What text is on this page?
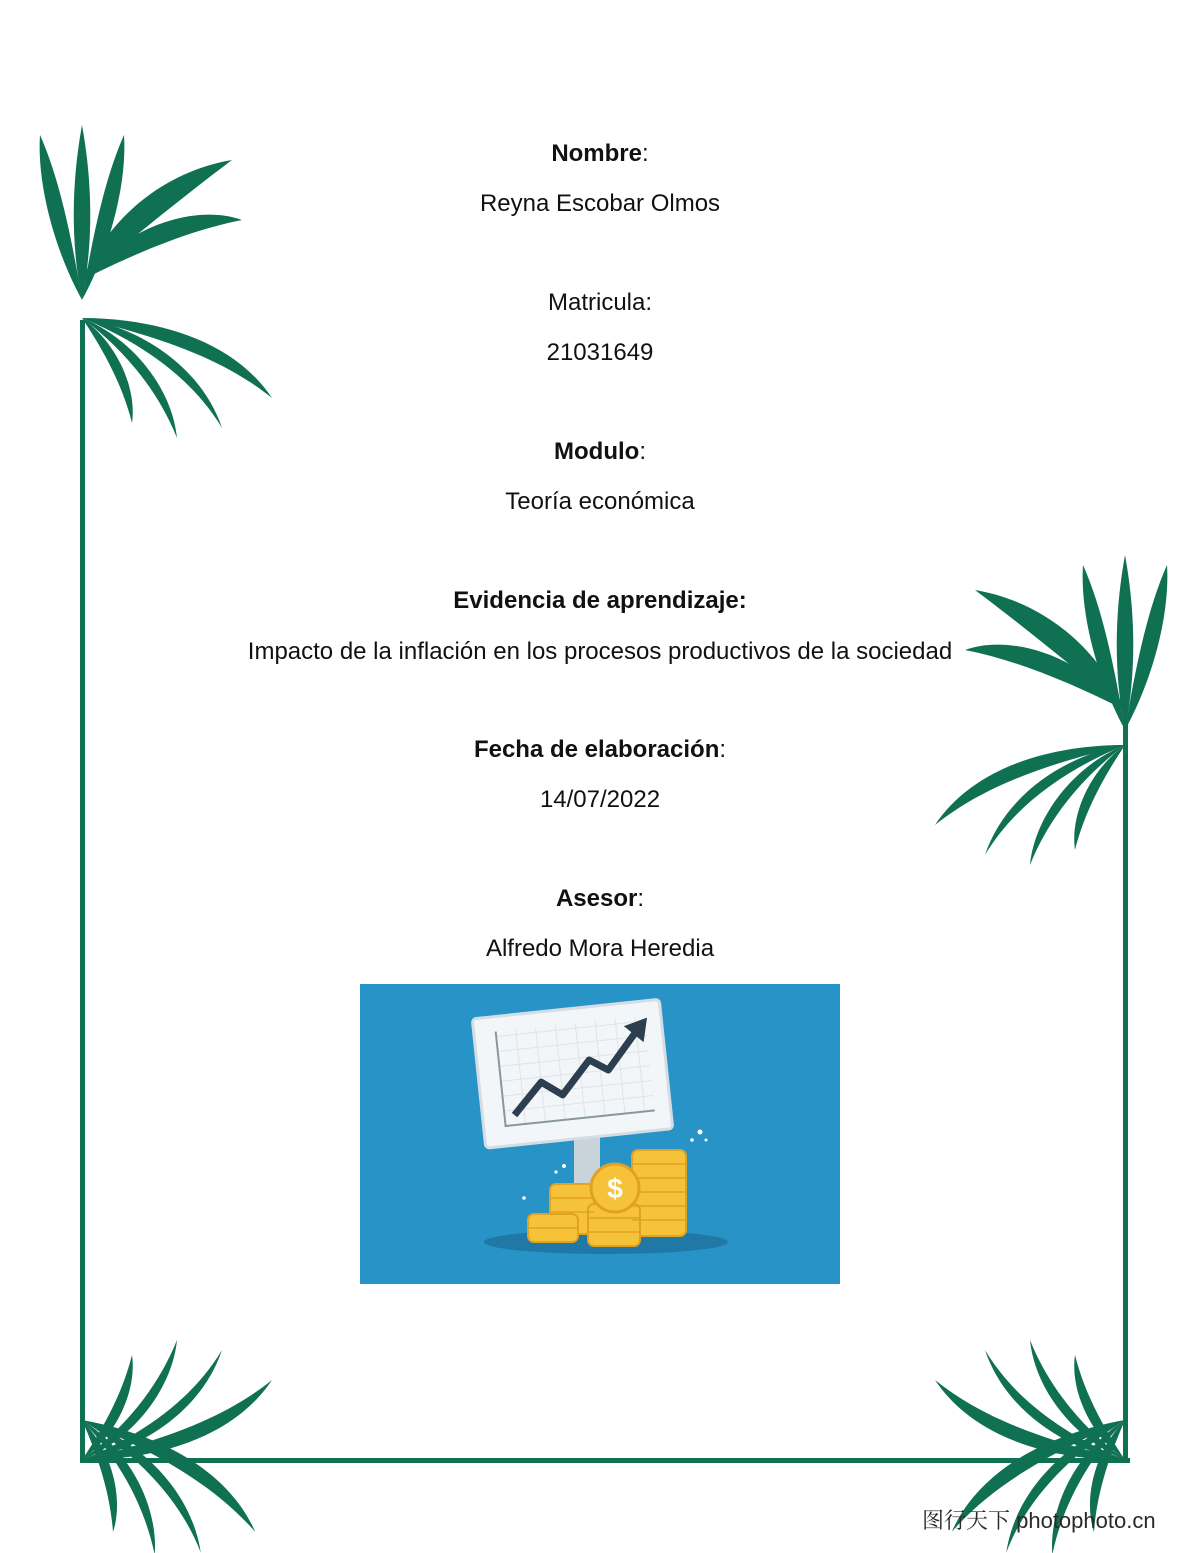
Nombre:
Reyna Escobar Olmos
Matricula:
21031649
Modulo:
Teoría económica
Evidencia de aprendizaje:
Impacto de la inflación en los procesos productivos de la sociedad
Fecha de elaboración:
14/07/2022
Asesor:
Alfredo Mora Heredia
$
图行天下 photophoto.cn
